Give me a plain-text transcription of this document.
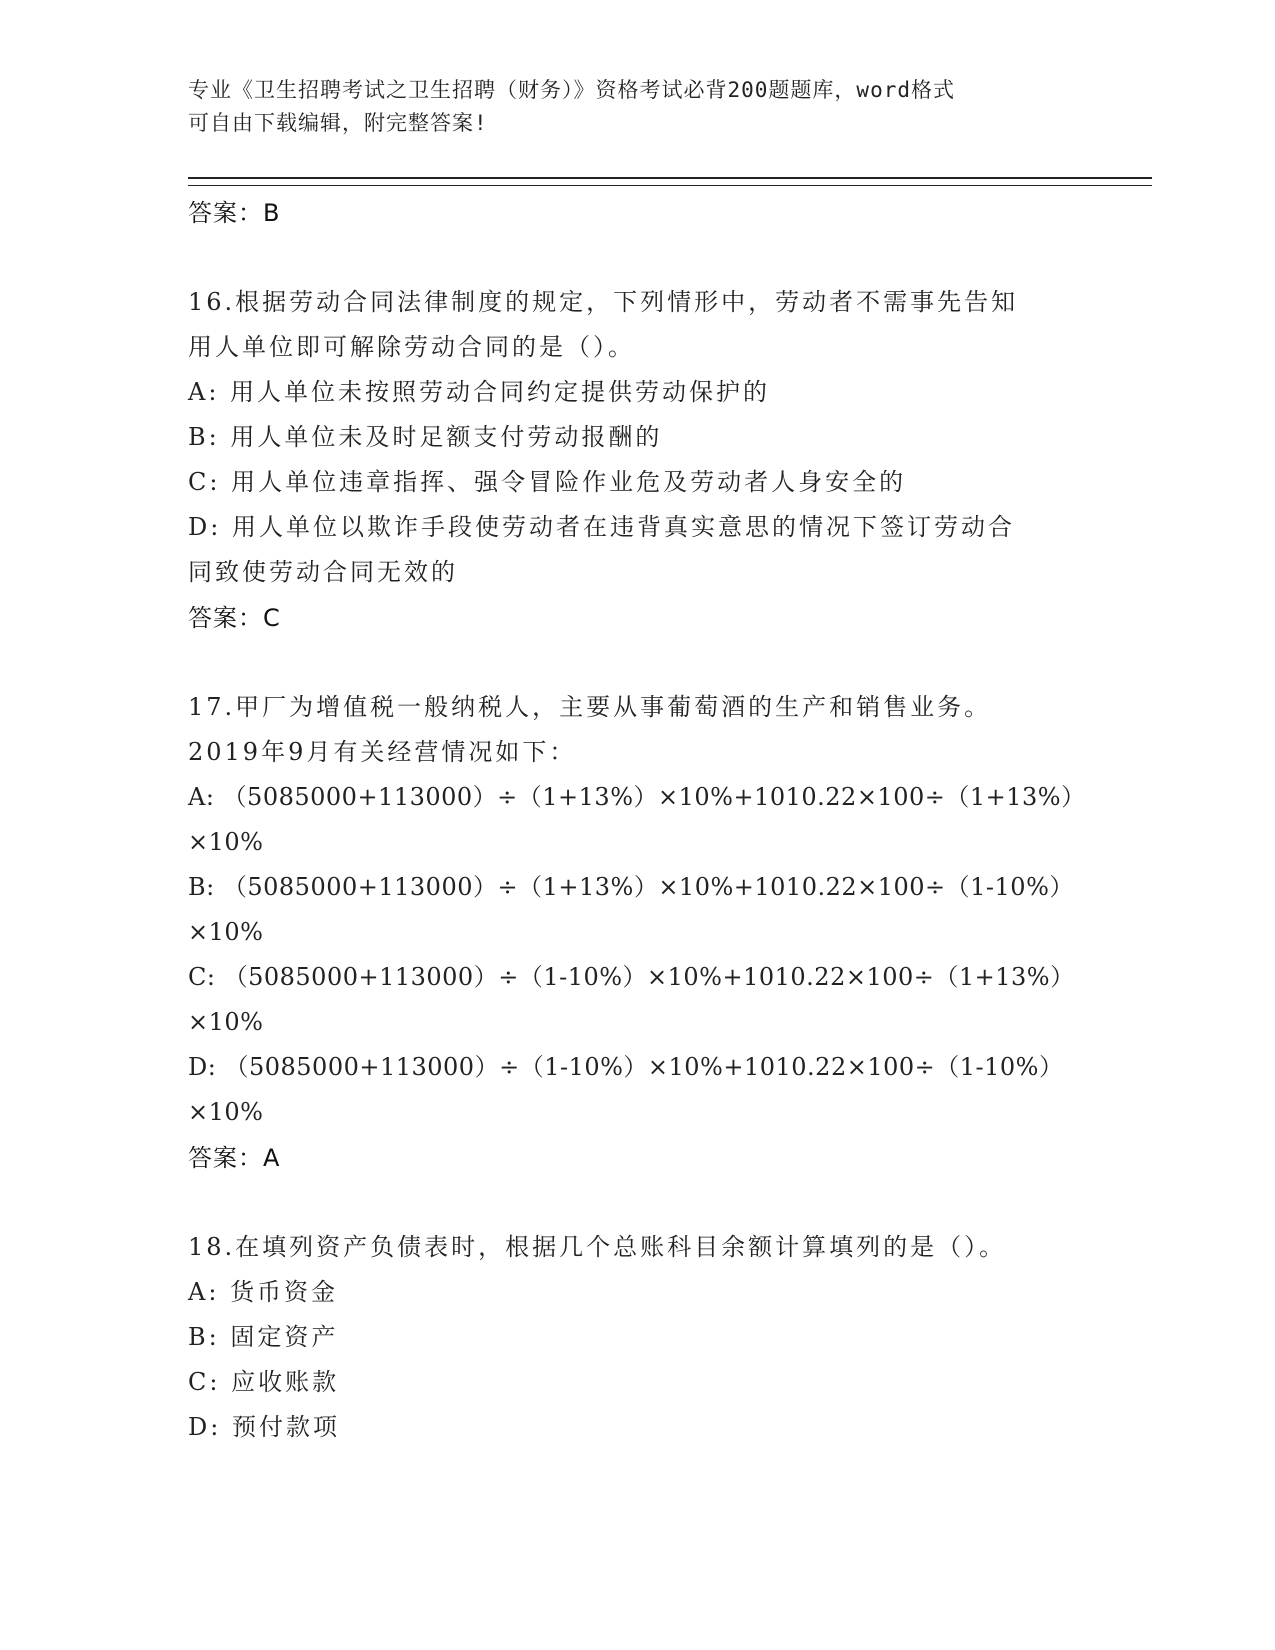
专业《卫生招聘考试之卫生招聘（财务）》资格考试必背200题题库，word格式
可自由下载编辑，附完整答案!
答案：B
16.根据劳动合同法律制度的规定，下列情形中，劳动者不需事先告知
用人单位即可解除劳动合同的是（）。
A: 用人单位未按照劳动合同约定提供劳动保护的
B: 用人单位未及时足额支付劳动报酬的
C: 用人单位违章指挥、强令冒险作业危及劳动者人身安全的
D: 用人单位以欺诈手段使劳动者在违背真实意思的情况下签订劳动合
同致使劳动合同无效的
答案：C
17.甲厂为增值税一般纳税人，主要从事葡萄酒的生产和销售业务。
2019年9月有关经营情况如下：
A: （5085000+113000）÷（1+13%）×10%+1010.22×100÷（1+13%）
×10%
B: （5085000+113000）÷（1+13%）×10%+1010.22×100÷（1-10%）
×10%
C: （5085000+113000）÷（1-10%）×10%+1010.22×100÷（1+13%）
×10%
D: （5085000+113000）÷（1-10%）×10%+1010.22×100÷（1-10%）
×10%
答案：A
18.在填列资产负债表时，根据几个总账科目余额计算填列的是（）。
A: 货币资金
B: 固定资产
C: 应收账款
D: 预付款项
